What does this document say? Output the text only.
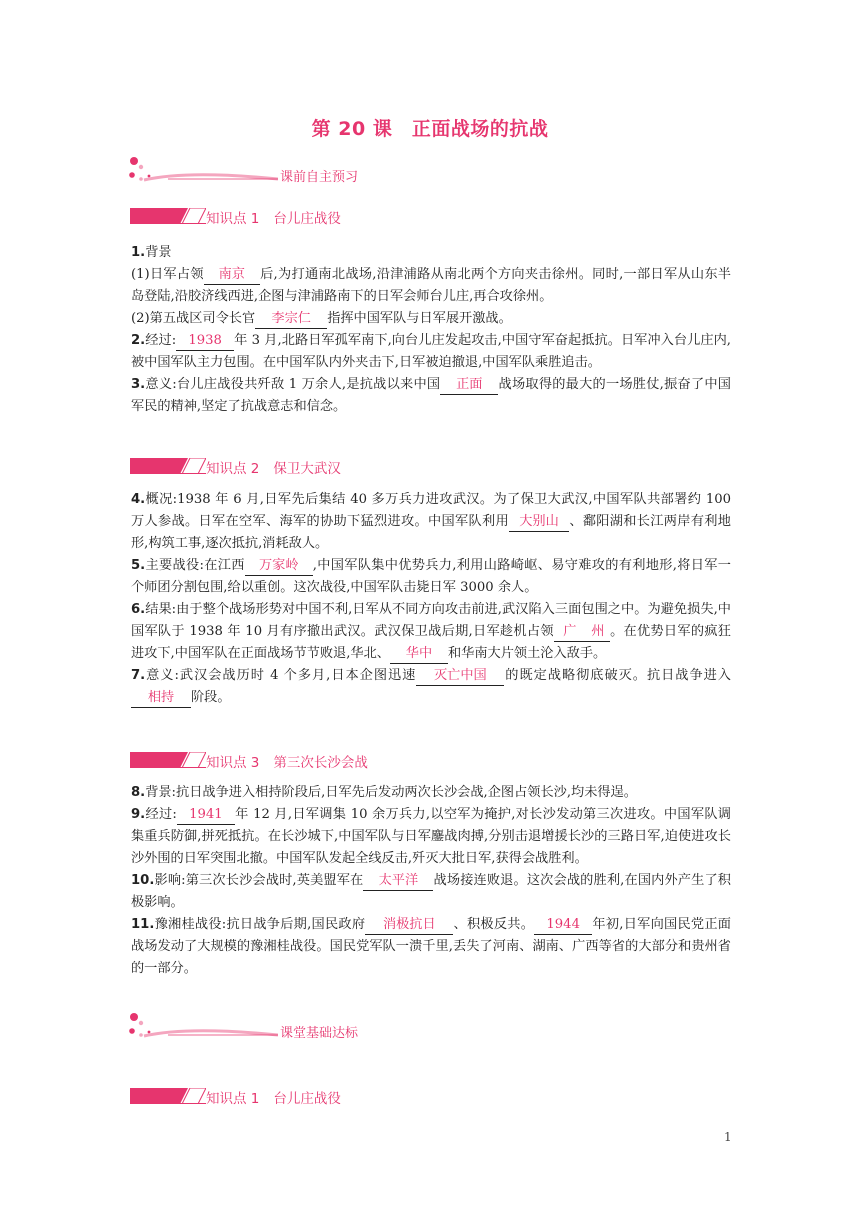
第 20 课　正面战场的抗战
课前自主预习
知识点 1 台儿庄战役

1.背景

(1)日军占领 南京 后,为打通南北战场,沿津浦路从南北两个方向夹击徐州。同时,一部日军从山东半岛登陆,沿胶济线西进,企图与津浦路南下的日军会师台儿庄,再合攻徐州。

(2)第五战区司令长官 李宗仁 指挥中国军队与日军展开激战。

2.经过: 1938 年 3 月,北路日军孤军南下,向台儿庄发起攻击,中国守军奋起抵抗。日军冲入台儿庄内,被中国军队主力包围。在中国军队内外夹击下,日军被迫撤退,中国军队乘胜追击。

3.意义:台儿庄战役共歼敌 1 万余人,是抗战以来中国 正面 战场取得的最大的一场胜仗,振奋了中国军民的精神,坚定了抗战意志和信念。

知识点 2 保卫大武汉

4.概况:1938 年 6 月,日军先后集结 40 多万兵力进攻武汉。为了保卫大武汉,中国军队共部署约 100 万人参战。日军在空军、海军的协助下猛烈进攻。中国军队利用 大别山 、鄱阳湖和长江两岸有利地形,构筑工事,逐次抵抗,消耗敌人。

5.主要战役:在江西 万家岭 ,中国军队集中优势兵力,利用山路崎岖、易守难攻的有利地形,将日军一个师团分割包围,给以重创。这次战役,中国军队击毙日军 3000 余人。

6.结果:由于整个战场形势对中国不利,日军从不同方向攻击前进,武汉陷入三面包围之中。为避免损失,中国军队于 1938 年 10 月有序撤出武汉。武汉保卫战后期,日军趁机占领 广 州 。在优势日军的疯狂进攻下,中国军队在正面战场节节败退,华北、 华中 和华南大片领土沦入敌手。

7.意义:武汉会战历时 4 个多月,日本企图迅速 灭亡中国 的既定战略彻底破灭。抗日战争进入相持 阶段。

知识点 3 第三次长沙会战

8.背景:抗日战争进入相持阶段后,日军先后发动两次长沙会战,企图占领长沙,均未得逞。

9.经过: 1941 年 12 月,日军调集 10 余万兵力,以空军为掩护,对长沙发动第三次进攻。中国军队调集重兵防御,拼死抵抗。在长沙城下,中国军队与日军鏖战肉搏,分别击退增援长沙的三路日军,迫使进攻长沙外围的日军突围北撤。中国军队发起全线反击,歼灭大批日军,获得会战胜利。

10.影响:第三次长沙会战时,英美盟军在 太平洋 战场接连败退。这次会战的胜利,在国内外产生了积极影响。

11.豫湘桂战役:抗日战争后期,国民政府 消极抗日 、积极反共。 1944 年初,日军向国民党正面战场发动了大规模的豫湘桂战役。国民党军队一溃千里,丢失了河南、湖南、广西等省的大部分和贵州省的一部分。

课堂基础达标
知识点 1 台儿庄战役
1
